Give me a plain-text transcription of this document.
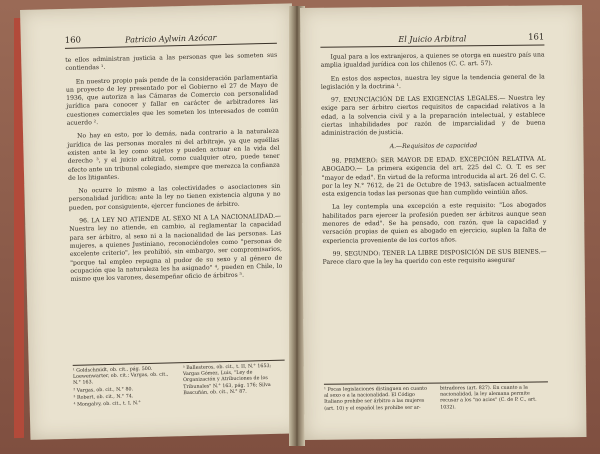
160	Patricio Aylwin Azócar

te ellos administran justicia a las personas que les someten sus contiendas ¹.

En nuestro propio país pende de la consideración parlamentaria un proyecto de ley presentado por el Gobierno el 27 de Mayo de 1936, que autoriza a las Cámaras de Comercio con personalidad jurídica para conocer y fallar en carácter de arbitradores las cuestiones comerciales que les someten los interesados de común acuerdo ².

No hay en esto, por lo demás, nada contrario a la naturaleza jurídica de las personas morales ni del arbitraje, ya que aquéllas existen ante la ley como sujetos y pueden actuar en la vida del derecho ³, y el juicio arbitral, como cualquier otro, puede tener efecto ante un tribunal colegiado, siempre que merezca la confianza de los litigantes.

No ocurre lo mismo a las colectividades o asociaciones sin personalidad jurídica; ante la ley no tienen existencia alguna y no pueden, por consiguiente, ejercer funciones de árbitro.

96. LA LEY NO ATIENDE AL SEXO NI A LA NACIONALIDAD.— Nuestra ley no atiende, en cambio, al reglamentar la capacidad para ser árbitro, al sexo ni a la nacionalidad de las personas. Las mujeres, a quienes Justiniano, reconociéndoles como "personas de excelente criterio", les prohibió, sin embargo, ser compromisarios, "porque tal empleo repugna al pudor de su sexo y al género de ocupación que la naturaleza les ha asignado" ⁴, pueden en Chile, lo mismo que los varones, desempeñar oficio de árbitros ⁵.

¹ Goldschmidt, ob. cit., pág. 500. Loewenwarter, ob. cit.; Vargas, ob. cit., N.° 163.
² Vargas, ob. cit., N.° 80.
³ Robert, ob. cit., N.° 74.
⁴ Mongalvy, ob. cit., t. I, N.°
⁵ Ballesteros, ob. cit., t. II, N.° 1653; Vargas Gómez, Luis, "Ley de Organización y Atribuciones de los Tribunales" N.° 163, pág. 176; Silva Bascuñán, ob. cit., N.° 87.
El Juicio Arbitral	161

Igual para a los extranjeros, a quienes se otorga en nuestro país una amplia igualdad jurídica con los chilenos (C. C. art. 57).

En estos dos aspectos, nuestra ley sigue la tendencia general de la legislación y la doctrina ¹.

97. ENUNCIACIÓN DE LAS EXIGENCIAS LEGALES.— Nuestra ley exige para ser árbitro ciertos requisitos de capacidad relativos a la edad, a la solvencia civil y a la preparación intelectual, y establece ciertas inhabilidades por razón de imparcialidad y de buena administración de justicia.

A.—Requisitos de capacidad

98. PRIMERO: SER MAYOR DE EDAD. EXCEPCIÓN RELATIVA AL ABOGADO.— La primera exigencia del art. 225 del C. O. T. es ser "mayor de edad". En virtud de la reforma introducida al art. 26 del C. C. por la ley N.° 7612, de 21 de Octubre de 1943, satisfacen actualmente esta exigencia todas las personas que han cumplido veintiún años.

La ley contempla una excepción a este requisito: "Los abogados habilitados para ejercer la profesión pueden ser árbitros aunque sean menores de edad". Se ha pensado, con razón, que la capacidad y versación propias de quien es abogado en ejercicio, suplen la falta de experiencia proveniente de los cortos años.

99. SEGUNDO: TENER LA LIBRE DISPOSICIÓN DE SUS BIENES.— Parece claro que la ley ha querido con este requisito asegurar

¹ Pocas legislaciones distinguen en cuanto al sexo o a la nacionalidad. El Código Italiano prohibe ser árbitro a las mujeres (art. 10) y el español les prohibe ser ar-
bitradores (art. 827). En cuanto a la nacionalidad, la ley alemana permite recusar a los "no acios" (C. de P. C., art. 1032).
